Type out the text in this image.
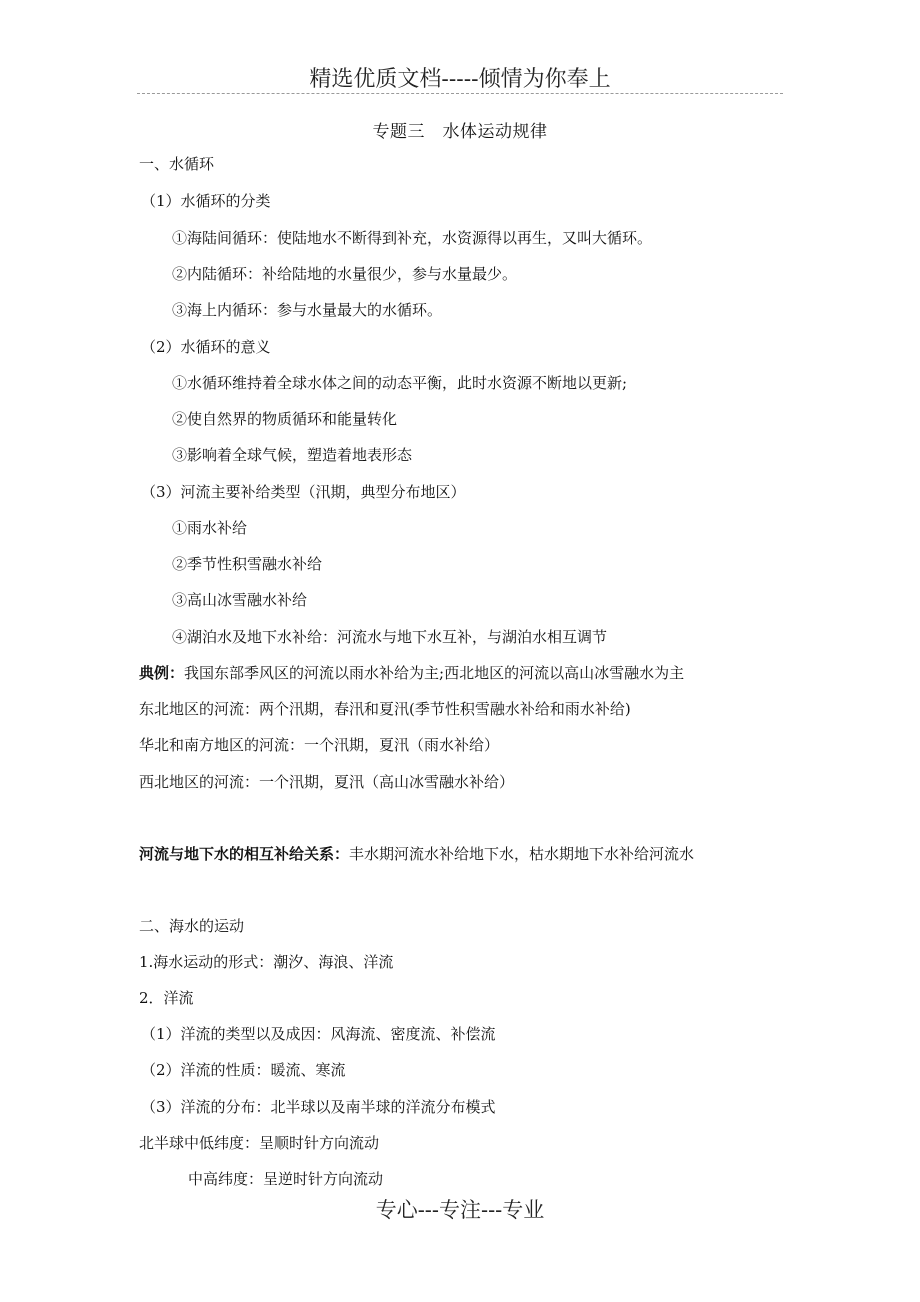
精选优质文档-----倾情为你奉上
专题三　水体运动规律
一、水循环
（1）水循环的分类
①海陆间循环：使陆地水不断得到补充，水资源得以再生，又叫大循环。
②内陆循环：补给陆地的水量很少，参与水量最少。
③海上内循环：参与水量最大的水循环。
（2）水循环的意义
①水循环维持着全球水体之间的动态平衡，此时水资源不断地以更新;
②使自然界的物质循环和能量转化
③影响着全球气候，塑造着地表形态
（3）河流主要补给类型（汛期，典型分布地区）
①雨水补给
②季节性积雪融水补给
③高山冰雪融水补给
④湖泊水及地下水补给：河流水与地下水互补，与湖泊水相互调节
典例：我国东部季风区的河流以雨水补给为主;西北地区的河流以高山冰雪融水为主
东北地区的河流：两个汛期，春汛和夏汛(季节性积雪融水补给和雨水补给)
华北和南方地区的河流：一个汛期，夏汛（雨水补给）
西北地区的河流：一个汛期，夏汛（高山冰雪融水补给）
河流与地下水的相互补给关系：丰水期河流水补给地下水，枯水期地下水补给河流水
二、海水的运动
1.海水运动的形式：潮汐、海浪、洋流
2．洋流
（1）洋流的类型以及成因：风海流、密度流、补偿流
（2）洋流的性质：暖流、寒流
（3）洋流的分布：北半球以及南半球的洋流分布模式
北半球中低纬度：呈顺时针方向流动
中高纬度：呈逆时针方向流动
专心---专注---专业
